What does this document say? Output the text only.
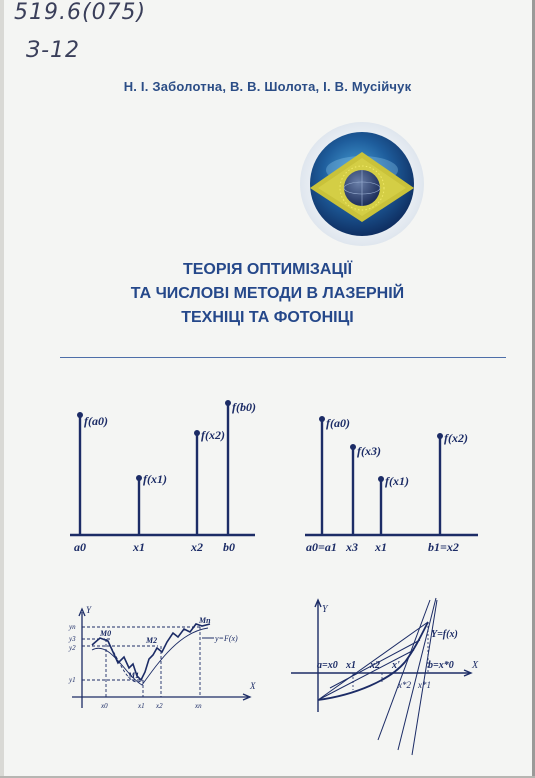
519.6(075)
З-12
Н. І. Заболотна, В. В. Шолота, І. В. Мусійчук
ТЕОРІЯ ОПТИМІЗАЦІЇ
ТА ЧИСЛОВІ МЕТОДИ В ЛАЗЕРНІЙ
ТЕХНІЦІ ТА ФОТОНІЦІ
f(a0)
f(x1)
f(x2)
f(b0)
a0	x1	x2 b0
f(a0)
f(x3)
f(x1)
f(x2)
a0=a1 x3 x1	b1=x2
Y
X
yn
y3
y2
y1
x0	x1 x2	xn
M0
M1
M2
Mn
y=F(x)
Y
X
Y=f(x)
a=x0 x1 x2 x'	b=x*0
x*2 x*1
